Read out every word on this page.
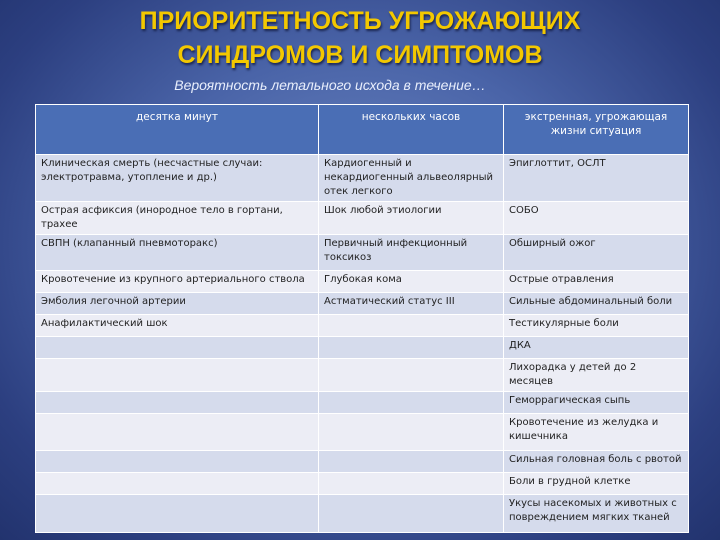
ПРИОРИТЕТНОСТЬ УГРОЖАЮЩИХ
СИНДРОМОВ И СИМПТОМОВ
Вероятность летального исхода в течение…
десятка минут	нескольких часов	экстренная, угрожающая жизни ситуация
Клиническая смерть (несчастные случаи: электротравма, утопление и др.)	Кардиогенный и некардиогенный альвеолярный отек легкого	Эпиглоттит, ОСЛТ
Острая асфиксия (инородное тело в гортани, трахее	Шок любой этиологии	СОБО
СВПН (клапанный пневмоторакс)	Первичный инфекционный токсикоз	Обширный ожог
Кровотечение из крупного артериального ствола	Глубокая кома	Острые отравления
Эмболия легочной артерии	Астматический статус III	Сильные абдоминальный боли
Анафилактический шок		Тестикулярные боли
		ДКА
		Лихорадка у детей до 2 месяцев
		Геморрагическая сыпь
		Кровотечение из желудка и кишечника
		Сильная головная боль с рвотой
		Боли в грудной клетке
		Укусы насекомых и животных с повреждением мягких тканей
